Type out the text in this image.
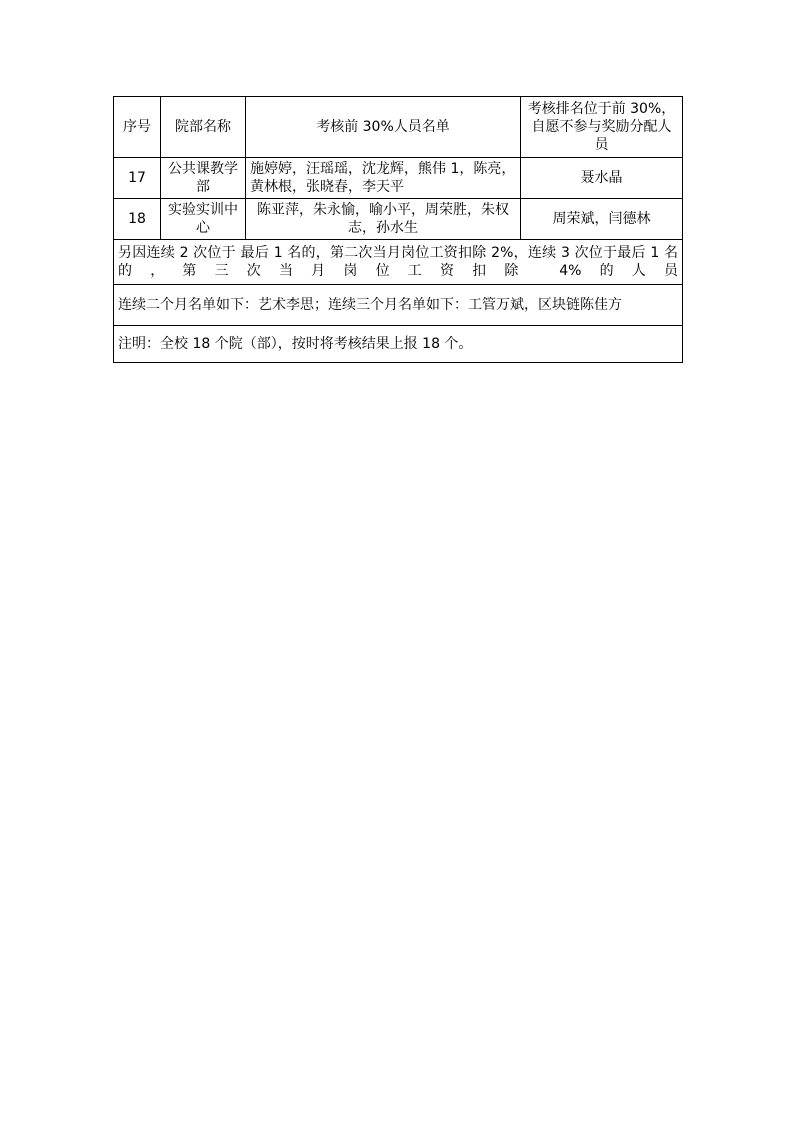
序号	院部名称	考核前 30%人员名单	考核排名位于前 30%，自愿不参与奖励分配人员
17	公共课教学部	施婷婷，汪瑶瑶，沈龙辉，熊伟 1，陈亮，黄林根，张晓春，李天平	聂水晶
18	实验实训中心	陈亚萍，朱永愉，喻小平，周荣胜，朱权志，孙水生	周荣斌，闫德林

另因连续 2 次位于 最后 1 名的，第二次当月岗位工资扣除 2%，连续 3 次位于最后 1 名的，第三次当月岗位工资扣除 4%的人员			

连续二个月名单如下：艺术李思；连续三个月名单如下：工管万斌，区块链陈佳方			
注明：全校 18 个院（部），按时将考核结果上报 18 个。			
